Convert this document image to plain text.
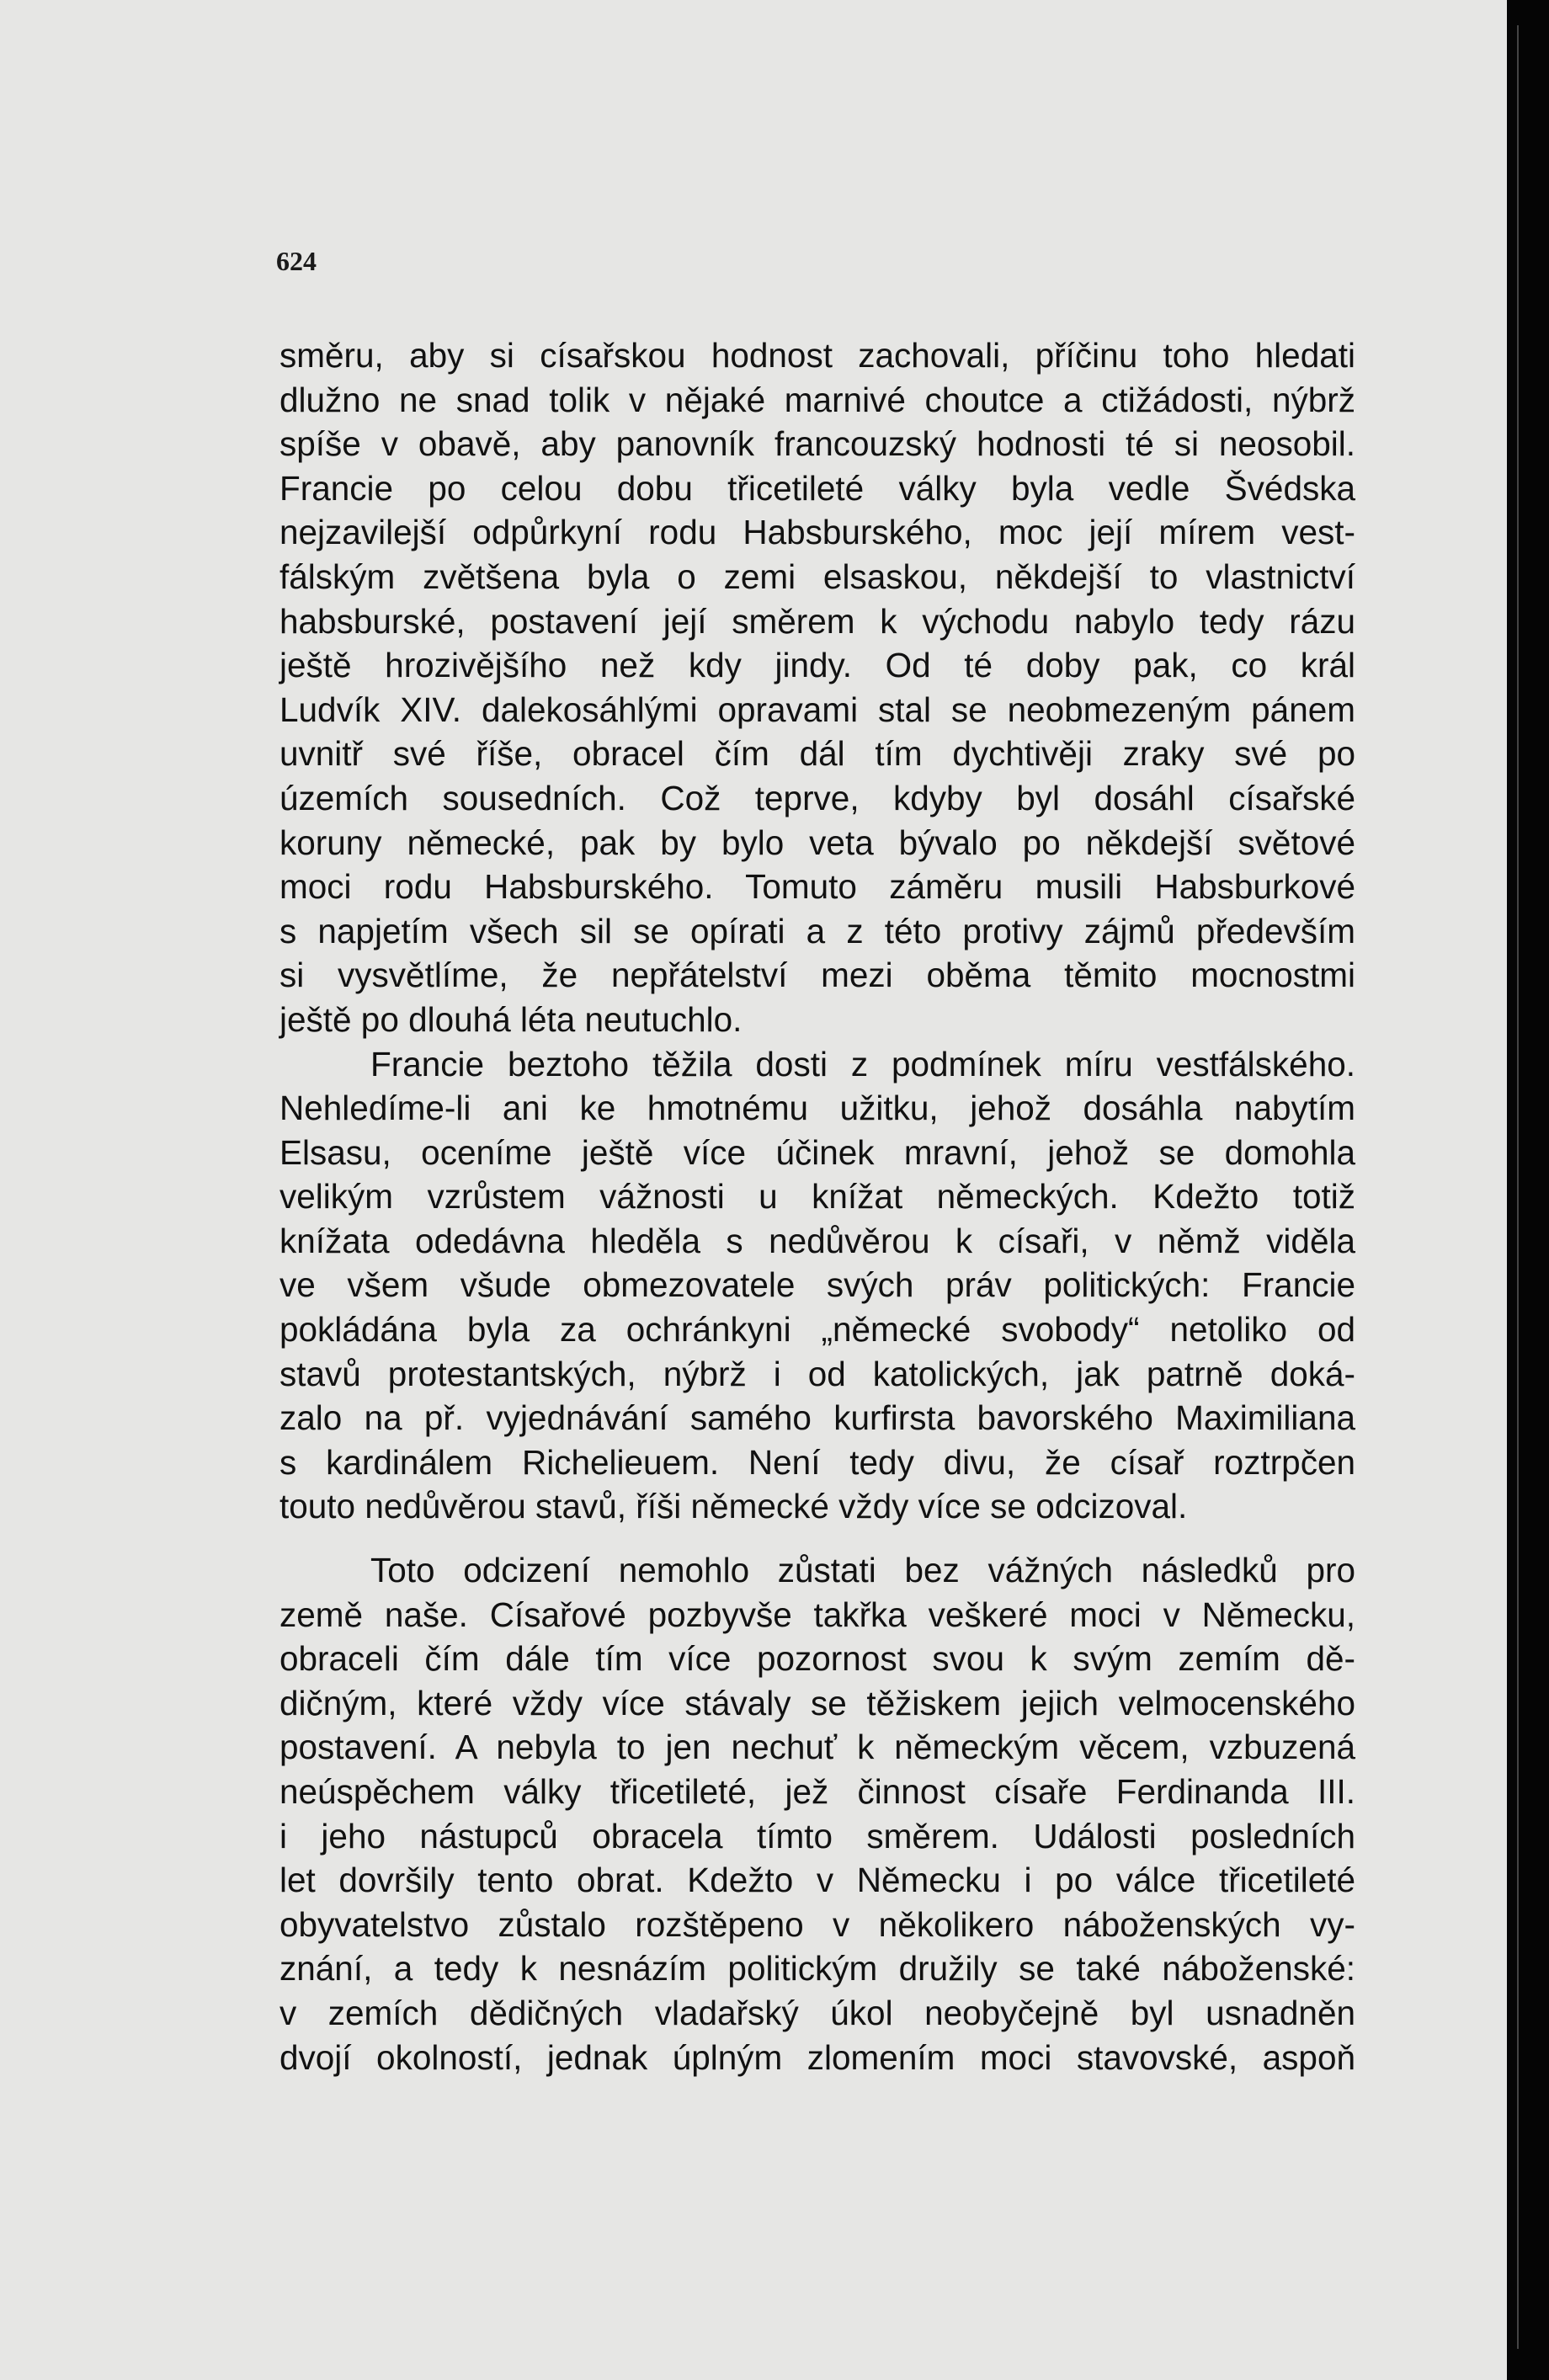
624

směru, aby si císařskou hodnost zachovali, příčinu toho hledati
dlužno ne snad tolik v nějaké marnivé choutce a ctižádosti, nýbrž
spíše v obavě, aby panovník francouzský hodnosti té si neosobil.
Francie po celou dobu třicetileté války byla vedle Švédska
nejzavilejší odpůrkyní rodu Habsburského, moc její mírem vest-
fálským zvětšena byla o zemi elsaskou, někdejší to vlastnictví
habsburské, postavení její směrem k východu nabylo tedy rázu
ještě hrozivějšího než kdy jindy. Od té doby pak, co král
Ludvík XIV. dalekosáhlými opravami stal se neobmezeným pánem
uvnitř své říše, obracel čím dál tím dychtivěji zraky své po
územích sousedních. Což teprve, kdyby byl dosáhl císařské
koruny německé, pak by bylo veta bývalo po někdejší světové
moci rodu Habsburského. Tomuto záměru musili Habsburkové
s napjetím všech sil se opírati a z této protivy zájmů především
si vysvětlíme, že nepřátelství mezi oběma těmito mocnostmi
ještě po dlouhá léta neutuchlo.

Francie beztoho těžila dosti z podmínek míru vestfálského.
Nehledíme-li ani ke hmotnému užitku, jehož dosáhla nabytím
Elsasu, oceníme ještě více účinek mravní, jehož se domohla
velikým vzrůstem vážnosti u knížat německých. Kdežto totiž
knížata odedávna hleděla s nedůvěrou k císaři, v němž viděla
ve všem všude obmezovatele svých práv politických: Francie
pokládána byla za ochránkyni „německé svobody“ netoliko od
stavů protestantských, nýbrž i od katolických, jak patrně doká-
zalo na př. vyjednávání samého kurfirsta bavorského Maximiliana
s kardinálem Richelieuem. Není tedy divu, že císař roztrpčen
touto nedůvěrou stavů, říši německé vždy více se odcizoval.

Toto odcizení nemohlo zůstati bez vážných následků pro
země naše. Císařové pozbyvše takřka veškeré moci v Německu,
obraceli čím dále tím více pozornost svou k svým zemím dě-
dičným, které vždy více stávaly se těžiskem jejich velmocenského
postavení. A nebyla to jen nechuť k německým věcem, vzbuzená
neúspěchem války třicetileté, jež činnost císaře Ferdinanda III.
i jeho nástupců obracela tímto směrem. Události posledních
let dovršily tento obrat. Kdežto v Německu i po válce třicetileté
obyvatelstvo zůstalo rozštěpeno v několikero náboženských vy-
znání, a tedy k nesnázím politickým družily se také náboženské:
v zemích dědičných vladařský úkol neobyčejně byl usnadněn
dvojí okolností, jednak úplným zlomením moci stavovské, aspoň
